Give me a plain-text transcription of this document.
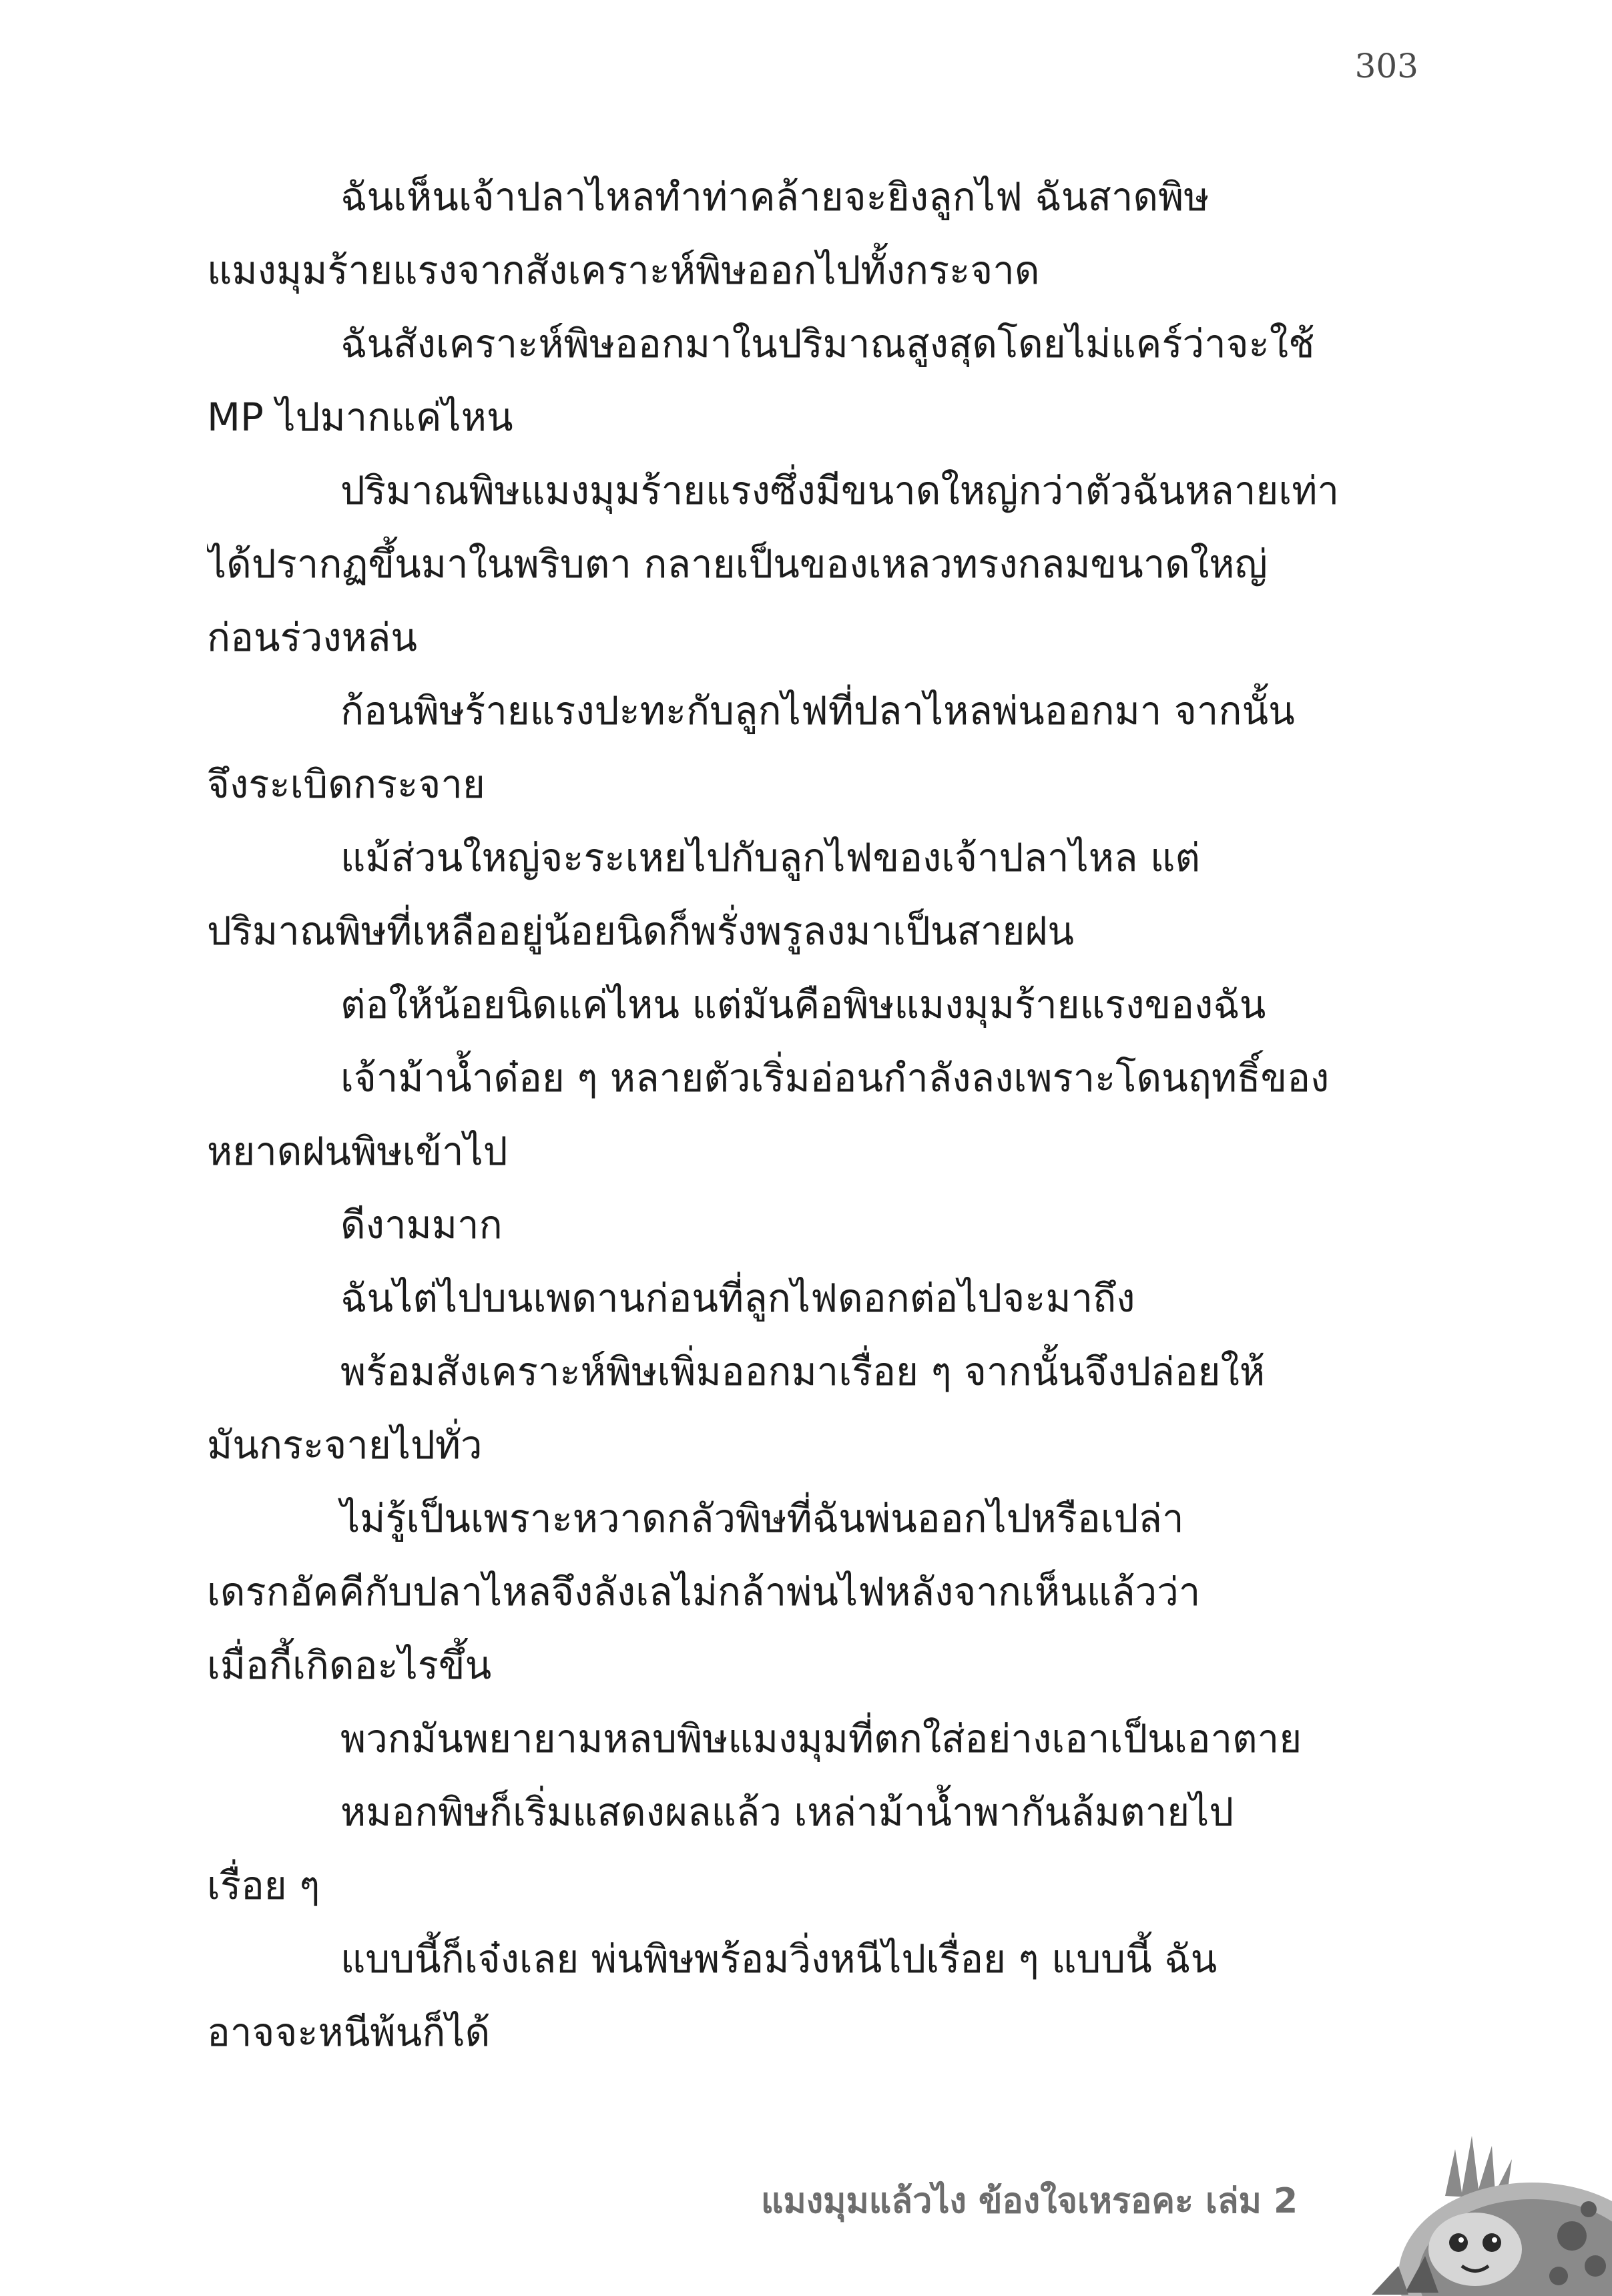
303
ฉันเห็นเจ้าปลาไหลทำท่าคล้ายจะยิงลูกไฟ ฉันสาดพิษ
แมงมุมร้ายแรงจากสังเคราะห์พิษออกไปทั้งกระจาด
ฉันสังเคราะห์พิษออกมาในปริมาณสูงสุดโดยไม่แคร์ว่าจะใช้
MP ไปมากแค่ไหน
ปริมาณพิษแมงมุมร้ายแรงซึ่งมีขนาดใหญ่กว่าตัวฉันหลายเท่า
ได้ปรากฏขึ้นมาในพริบตา กลายเป็นของเหลวทรงกลมขนาดใหญ่
ก่อนร่วงหล่น
ก้อนพิษร้ายแรงปะทะกับลูกไฟที่ปลาไหลพ่นออกมา จากนั้น
จึงระเบิดกระจาย
แม้ส่วนใหญ่จะระเหยไปกับลูกไฟของเจ้าปลาไหล แต่
ปริมาณพิษที่เหลืออยู่น้อยนิดก็พรั่งพรูลงมาเป็นสายฝน
ต่อให้น้อยนิดแค่ไหน แต่มันคือพิษแมงมุมร้ายแรงของฉัน
เจ้าม้าน้ำด๋อย ๆ หลายตัวเริ่มอ่อนกำลังลงเพราะโดนฤทธิ์ของ
หยาดฝนพิษเข้าไป
ดีงามมาก
ฉันไต่ไปบนเพดานก่อนที่ลูกไฟดอกต่อไปจะมาถึง
พร้อมสังเคราะห์พิษเพิ่มออกมาเรื่อย ๆ จากนั้นจึงปล่อยให้
มันกระจายไปทั่ว
ไม่รู้เป็นเพราะหวาดกลัวพิษที่ฉันพ่นออกไปหรือเปล่า
เดรกอัคคีกับปลาไหลจึงลังเลไม่กล้าพ่นไฟหลังจากเห็นแล้วว่า
เมื่อกี้เกิดอะไรขึ้น
พวกมันพยายามหลบพิษแมงมุมที่ตกใส่อย่างเอาเป็นเอาตาย
หมอกพิษก็เริ่มแสดงผลแล้ว เหล่าม้าน้ำพากันล้มตายไป
เรื่อย ๆ
แบบนี้ก็เจ๋งเลย พ่นพิษพร้อมวิ่งหนีไปเรื่อย ๆ แบบนี้ ฉัน
อาจจะหนีพ้นก็ได้
แมงมุมแล้วไง ข้องใจเหรอคะ เล่ม 2
